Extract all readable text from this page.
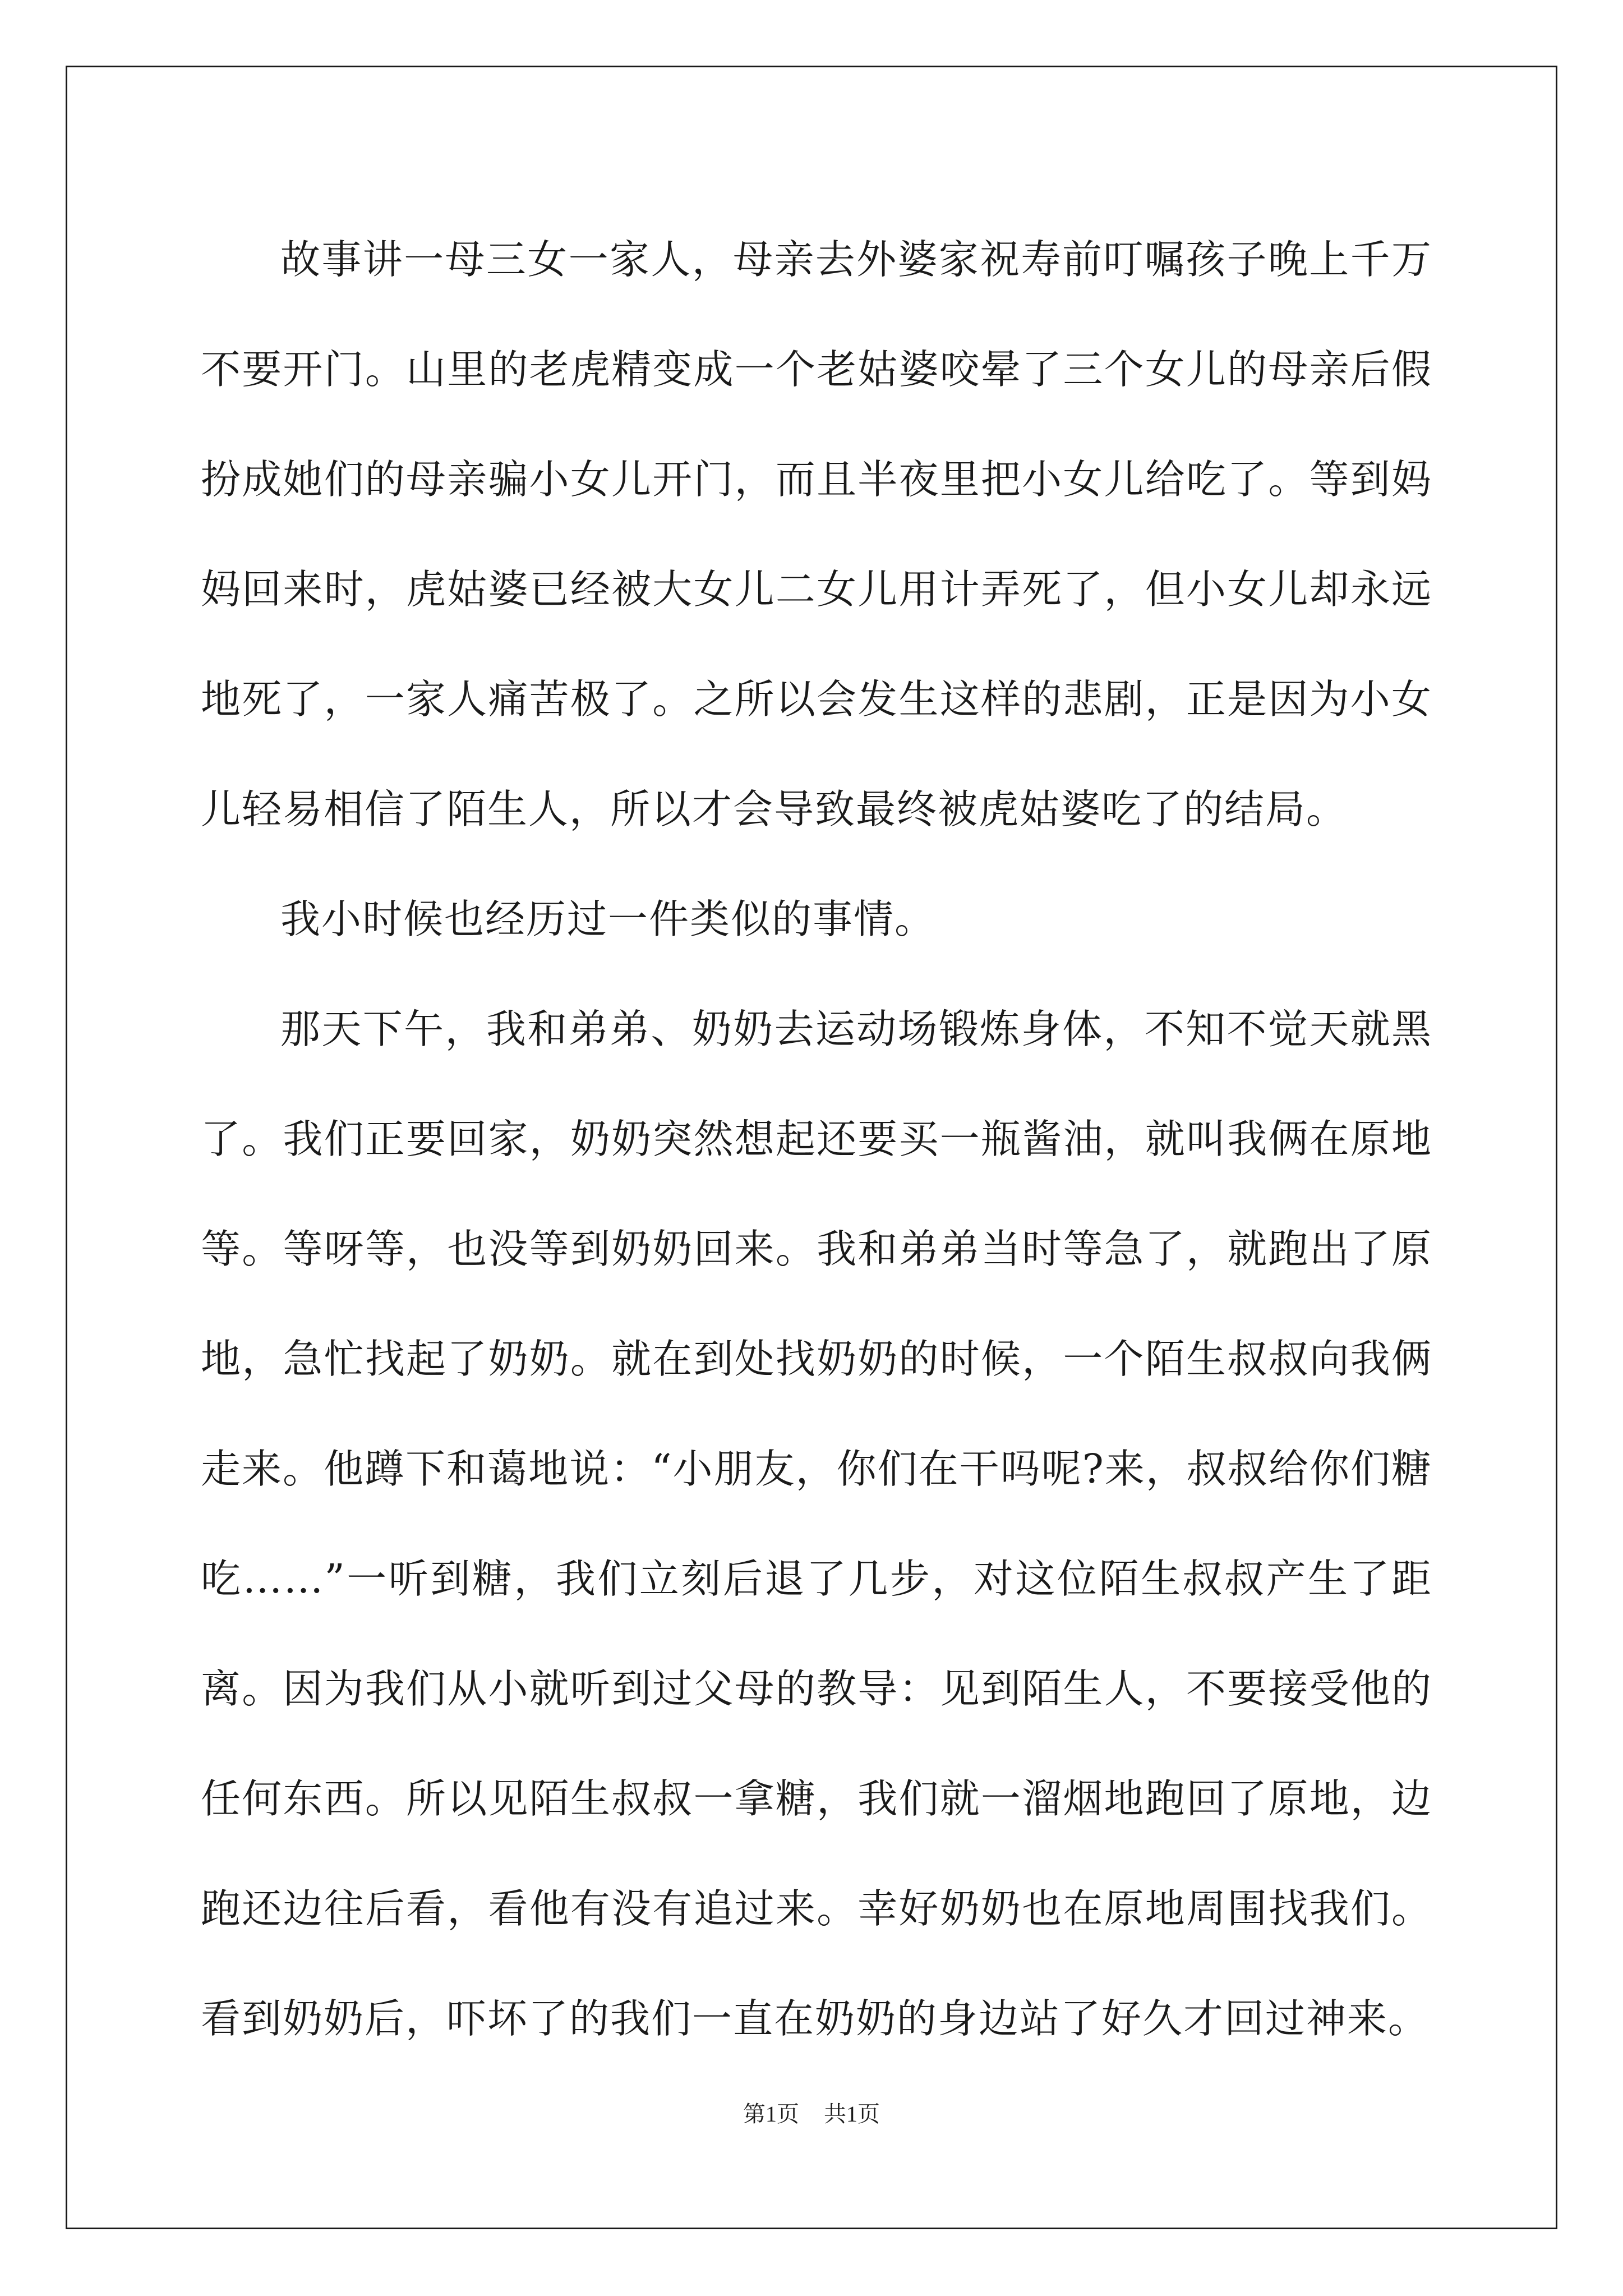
故事讲一母三女一家人，母亲去外婆家祝寿前叮嘱孩子晚上千万不要开门。山里的老虎精变成一个老姑婆咬晕了三个女儿的母亲后假扮成她们的母亲骗小女儿开门，而且半夜里把小女儿给吃了。等到妈妈回来时，虎姑婆已经被大女儿二女儿用计弄死了，但小女儿却永远地死了，一家人痛苦极了。之所以会发生这样的悲剧，正是因为小女儿轻易相信了陌生人，所以才会导致最终被虎姑婆吃了的结局。

我小时候也经历过一件类似的事情。

那天下午，我和弟弟、奶奶去运动场锻炼身体，不知不觉天就黑了。我们正要回家，奶奶突然想起还要买一瓶酱油，就叫我俩在原地等。等呀等，也没等到奶奶回来。我和弟弟当时等急了，就跑出了原地，急忙找起了奶奶。就在到处找奶奶的时候，一个陌生叔叔向我俩走来。他蹲下和蔼地说：“小朋友，你们在干吗呢?来，叔叔给你们糖吃……”一听到糖，我们立刻后退了几步，对这位陌生叔叔产生了距离。因为我们从小就听到过父母的教导：见到陌生人，不要接受他的任何东西。所以见陌生叔叔一拿糖，我们就一溜烟地跑回了原地，边跑还边往后看，看他有没有追过来。幸好奶奶也在原地周围找我们。看到奶奶后，吓坏了的我们一直在奶奶的身边站了好久才回过神来。

第1页 共1页
